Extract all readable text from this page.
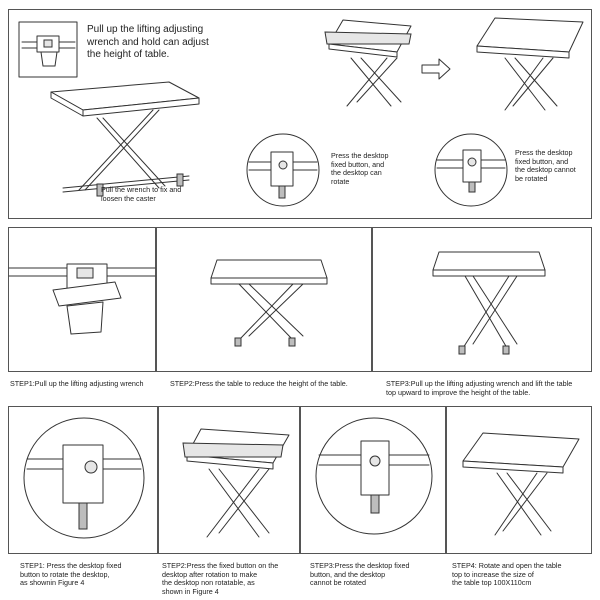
Pull up the lifting adjusting
wrench and hold can adjust
the height of table.
Pull the wrench to fix and
loosen the caster
Press the desktop
fixed button, and
the desktop can
rotate
Press the desktop
fixed button, and
the desktop cannot
be rotated
STEP1:Pull up the lifting adjusting wrench	STEP2:Press the table to reduce the height of the table.	STEP3:Pull up the lifting adjusting wrench and lift the table
top upward to improve the height of the table.
STEP1: Press the desktop fixed
button to rotate the desktop,
as shownin Figure 4
STEP2:Press the fixed button on the
desktop after rotation to make
the desktop non rotatable, as
shown in Figure 4
STEP3:Press the desktop fixed
button, and the desktop
cannot be rotated
STEP4: Rotate and open the table
top to increase the size of
the table top 100X110cm
